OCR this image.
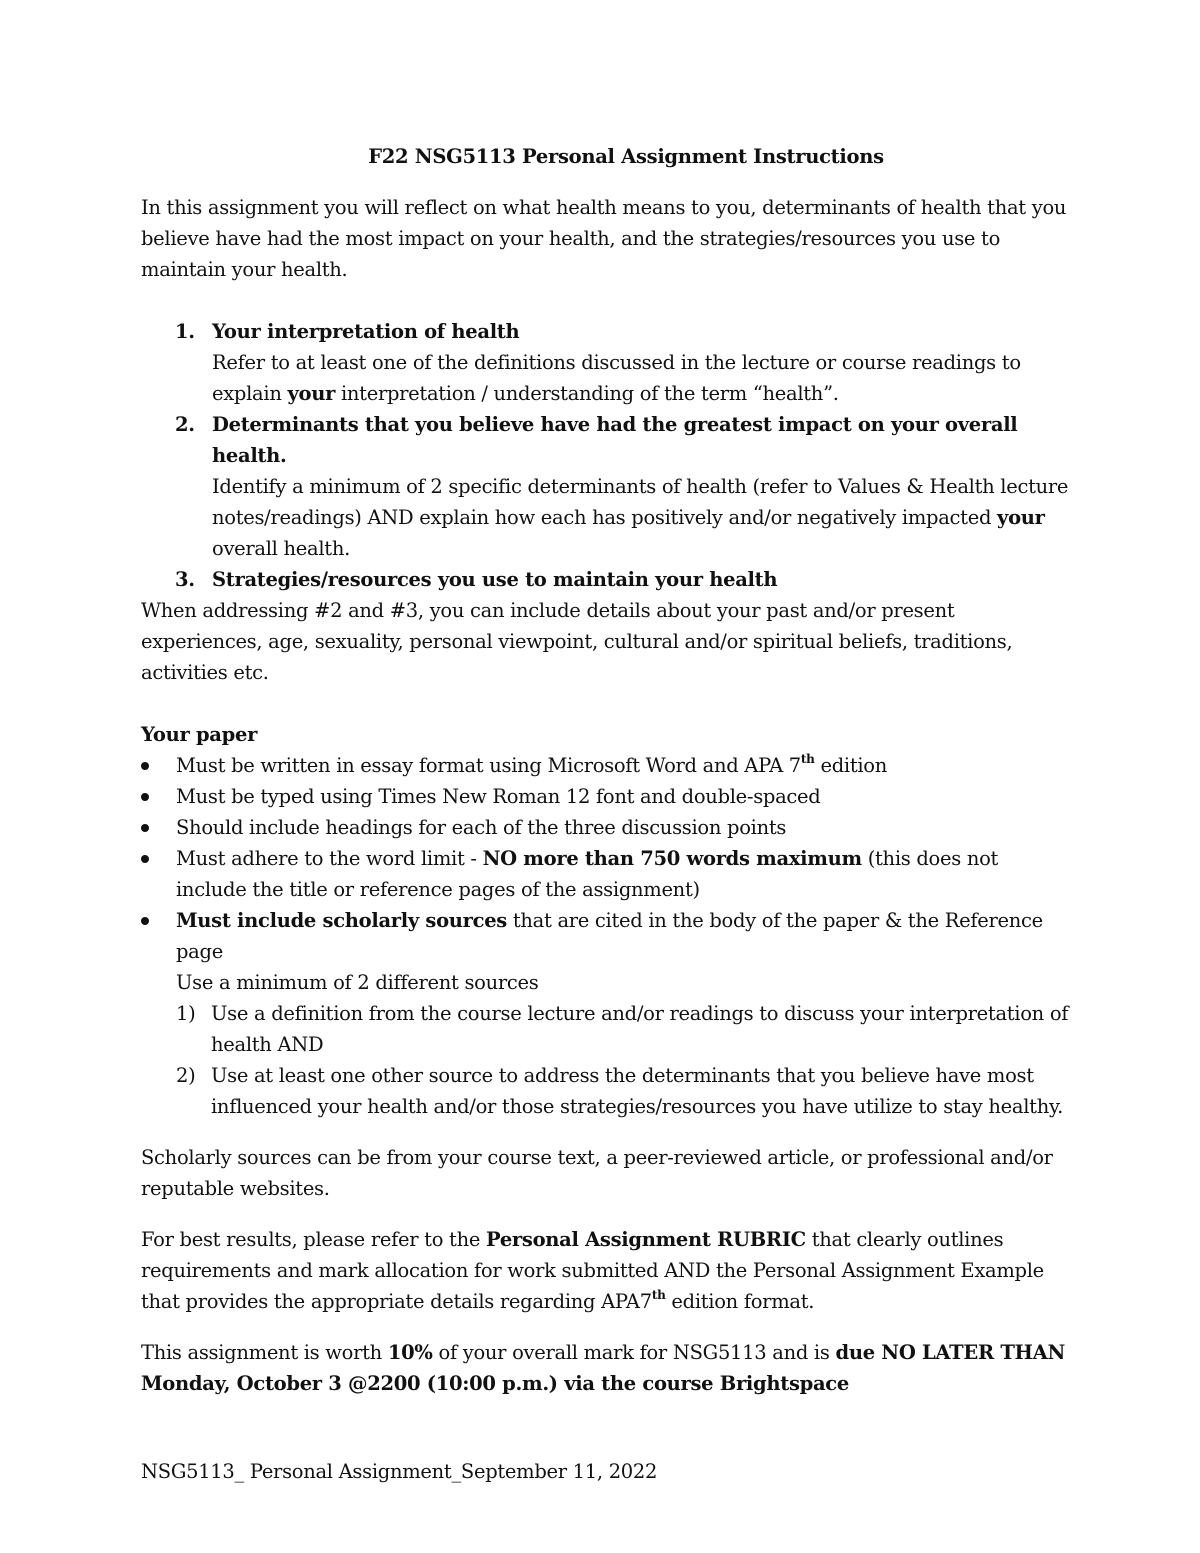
F22 NSG5113 Personal Assignment Instructions

In this assignment you will reflect on what health means to you, determinants of health that you believe have had the most impact on your health, and the strategies/resources you use to maintain your health.

1. Your interpretation of health
Refer to at least one of the definitions discussed in the lecture or course readings to explain your interpretation / understanding of the term “health”.
2. Determinants that you believe have had the greatest impact on your overall health.
Identify a minimum of 2 specific determinants of health (refer to Values & Health lecture notes/readings) AND explain how each has positively and/or negatively impacted your overall health.
3. Strategies/resources you use to maintain your health

When addressing #2 and #3, you can include details about your past and/or present experiences, age, sexuality, personal viewpoint, cultural and/or spiritual beliefs, traditions, activities etc.

Your paper

Must be written in essay format using Microsoft Word and APA 7th edition
Must be typed using Times New Roman 12 font and double-spaced
Should include headings for each of the three discussion points
Must adhere to the word limit - NO more than 750 words maximum (this does not include the title or reference pages of the assignment)
Must include scholarly sources that are cited in the body of the paper & the Reference page
Use a minimum of 2 different sources
1) Use a definition from the course lecture and/or readings to discuss your interpretation of health AND
2) Use at least one other source to address the determinants that you believe have most influenced your health and/or those strategies/resources you have utilize to stay healthy.

Scholarly sources can be from your course text, a peer-reviewed article, or professional and/or reputable websites.

For best results, please refer to the Personal Assignment RUBRIC that clearly outlines requirements and mark allocation for work submitted AND the Personal Assignment Example that provides the appropriate details regarding APA7th edition format.

This assignment is worth 10% of your overall mark for NSG5113 and is due NO LATER THAN Monday, October 3 @2200 (10:00 p.m.) via the course Brightspace

NSG5113_ Personal Assignment_September 11, 2022
